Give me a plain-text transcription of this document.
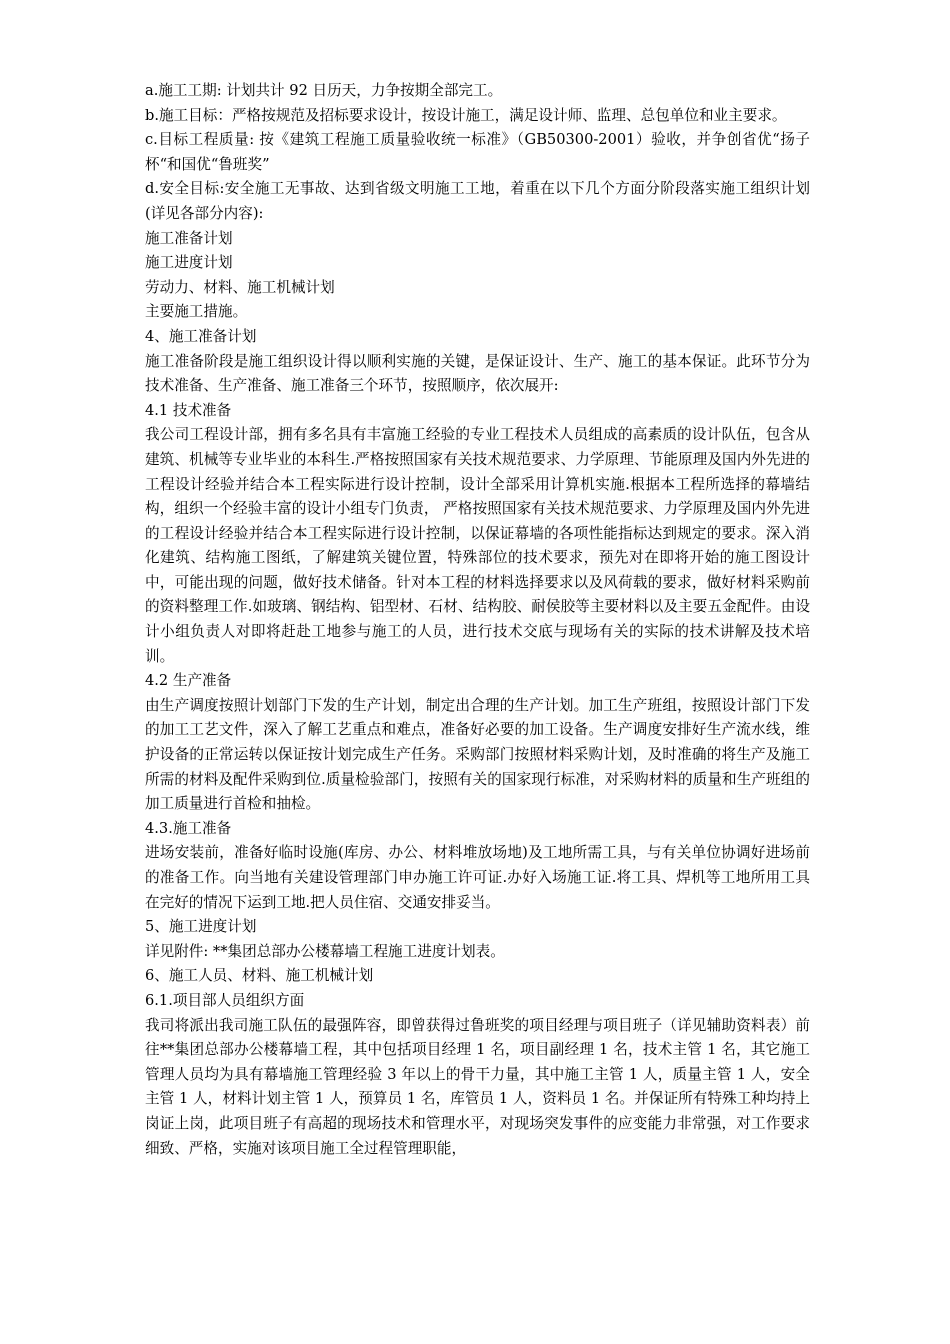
a.施工工期: 计划共计 92 日历天，力争按期全部完工。

b.施工目标：严格按规范及招标要求设计，按设计施工，满足设计师、监理、总包单位和业主要求。

c.目标工程质量: 按《建筑工程施工质量验收统一标准》（GB50300-2001）验收，并争创省优“扬子杯“和国优“鲁班奖”

d.安全目标:安全施工无事故、达到省级文明施工工地，着重在以下几个方面分阶段落实施工组织计划(详见各部分内容):

施工准备计划

施工进度计划

劳动力、材料、施工机械计划

主要施工措施。

4、施工准备计划

施工准备阶段是施工组织设计得以顺利实施的关键，是保证设计、生产、施工的基本保证。此环节分为技术准备、生产准备、施工准备三个环节，按照顺序，依次展开:

4.1 技术准备

我公司工程设计部，拥有多名具有丰富施工经验的专业工程技术人员组成的高素质的设计队伍，包含从建筑、机械等专业毕业的本科生.严格按照国家有关技术规范要求、力学原理、节能原理及国内外先进的工程设计经验并结合本工程实际进行设计控制，设计全部采用计算机实施.根据本工程所选择的幕墙结构，组织一个经验丰富的设计小组专门负责， 严格按照国家有关技术规范要求、力学原理及国内外先进的工程设计经验并结合本工程实际进行设计控制，以保证幕墙的各项性能指标达到规定的要求。深入消化建筑、结构施工图纸，了解建筑关键位置，特殊部位的技术要求，预先对在即将开始的施工图设计中，可能出现的问题，做好技术储备。针对本工程的材料选择要求以及风荷载的要求，做好材料采购前的资料整理工作.如玻璃、钢结构、铝型材、石材、结构胶、耐侯胶等主要材料以及主要五金配件。由设计小组负责人对即将赶赴工地参与施工的人员，进行技术交底与现场有关的实际的技术讲解及技术培训。

4.2 生产准备

由生产调度按照计划部门下发的生产计划，制定出合理的生产计划。加工生产班组，按照设计部门下发的加工工艺文件，深入了解工艺重点和难点，准备好必要的加工设备。生产调度安排好生产流水线，维护设备的正常运转以保证按计划完成生产任务。采购部门按照材料采购计划，及时准确的将生产及施工所需的材料及配件采购到位.质量检验部门，按照有关的国家现行标准，对采购材料的质量和生产班组的加工质量进行首检和抽检。

4.3.施工准备

进场安装前，准备好临时设施(库房、办公、材料堆放场地)及工地所需工具，与有关单位协调好进场前的准备工作。向当地有关建设管理部门申办施工许可证.办好入场施工证.将工具、焊机等工地所用工具在完好的情况下运到工地.把人员住宿、交通安排妥当。

5、施工进度计划

详见附件: **集团总部办公楼幕墙工程施工进度计划表。

6、施工人员、材料、施工机械计划

6.1.项目部人员组织方面

我司将派出我司施工队伍的最强阵容，即曾获得过鲁班奖的项目经理与项目班子（详见辅助资料表）前往**集团总部办公楼幕墙工程，其中包括项目经理 1 名，项目副经理 1 名，技术主管 1 名，其它施工管理人员均为具有幕墙施工管理经验 3 年以上的骨干力量，其中施工主管 1 人，质量主管 1 人，安全主管 1 人，材料计划主管 1 人，预算员 1 名，库管员 1 人，资料员 1 名。并保证所有特殊工种均持上岗证上岗，此项目班子有高超的现场技术和管理水平，对现场突发事件的应变能力非常强，对工作要求细致、严格，实施对该项目施工全过程管理职能，
